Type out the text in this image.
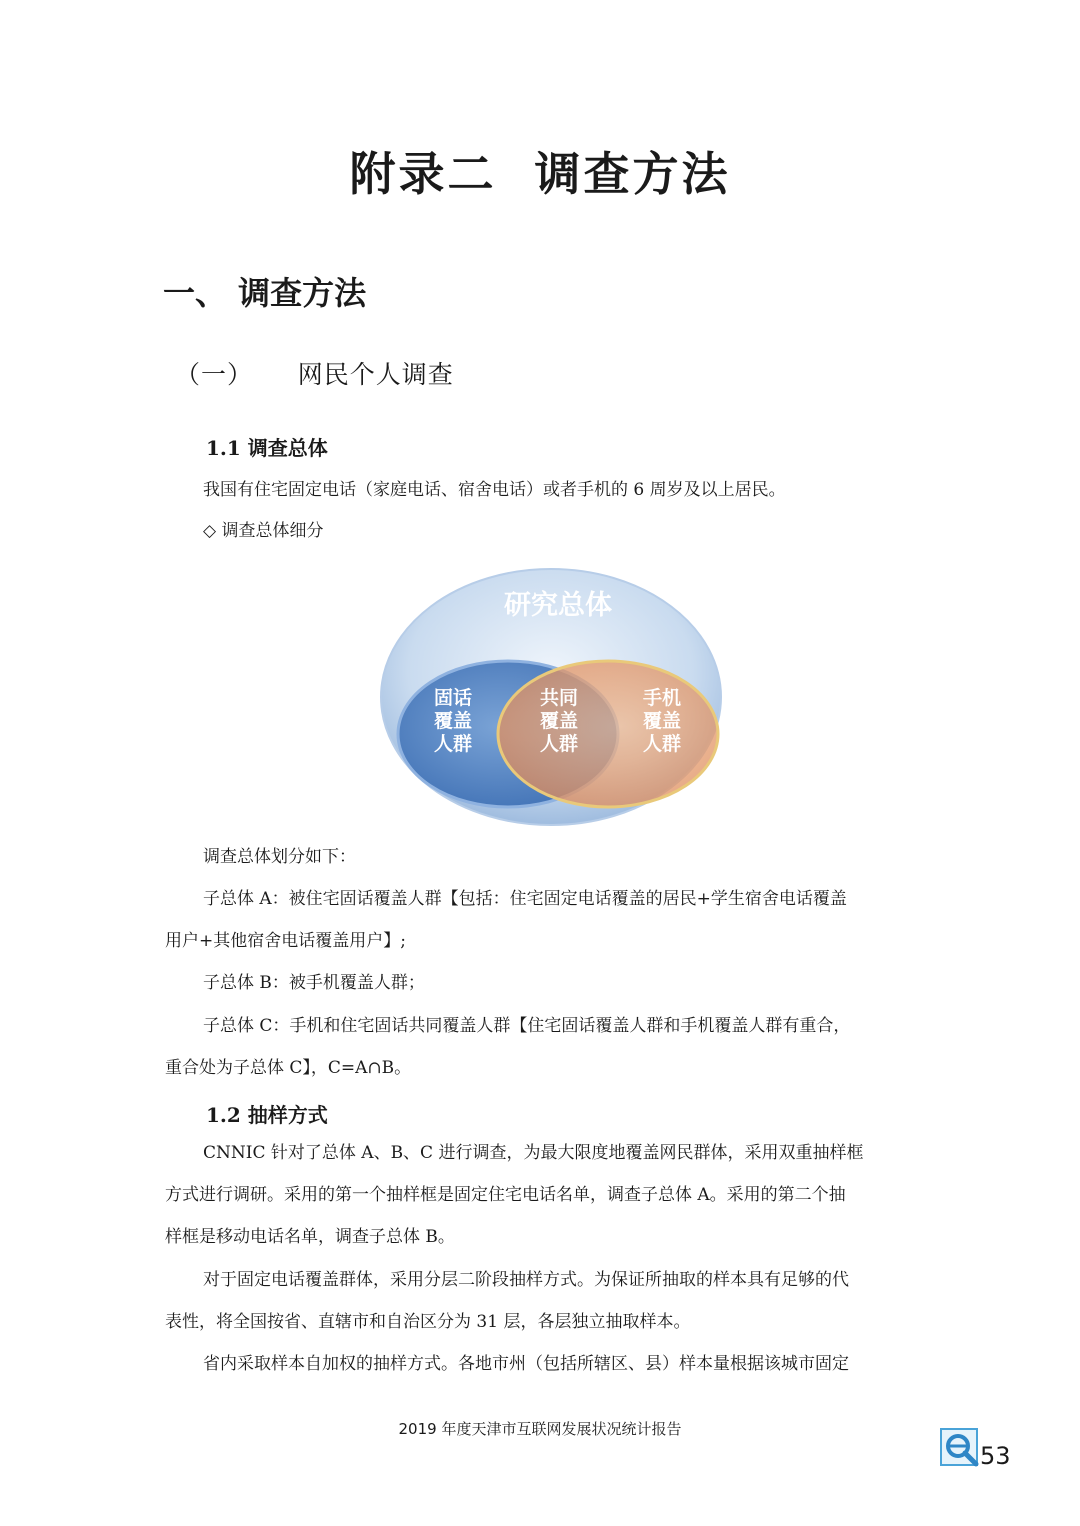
附录二  调查方法
一、 调查方法
（一）     网民个人调查
1.1 调查总体
我国有住宅固定电话（家庭电话、宿舍电话）或者手机的 6 周岁及以上居民。
◇ 调查总体细分
研究总体
固话
覆盖
人群
共同
覆盖
人群
手机
覆盖
人群
调查总体划分如下：
子总体 A：被住宅固话覆盖人群【包括：住宅固定电话覆盖的居民+学生宿舍电话覆盖
用户+其他宿舍电话覆盖用户】;
子总体 B：被手机覆盖人群；
子总体 C：手机和住宅固话共同覆盖人群【住宅固话覆盖人群和手机覆盖人群有重合，
重合处为子总体 C】，C=A∩B。
1.2 抽样方式
CNNIC 针对了总体 A、B、C 进行调查，为最大限度地覆盖网民群体，采用双重抽样框
方式进行调研。采用的第一个抽样框是固定住宅电话名单，调查子总体 A。采用的第二个抽
样框是移动电话名单，调查子总体 B。
对于固定电话覆盖群体，采用分层二阶段抽样方式。为保证所抽取的样本具有足够的代
表性，将全国按省、直辖市和自治区分为 31 层，各层独立抽取样本。
省内采取样本自加权的抽样方式。各地市州（包括所辖区、县）样本量根据该城市固定
2019 年度天津市互联网发展状况统计报告
53
